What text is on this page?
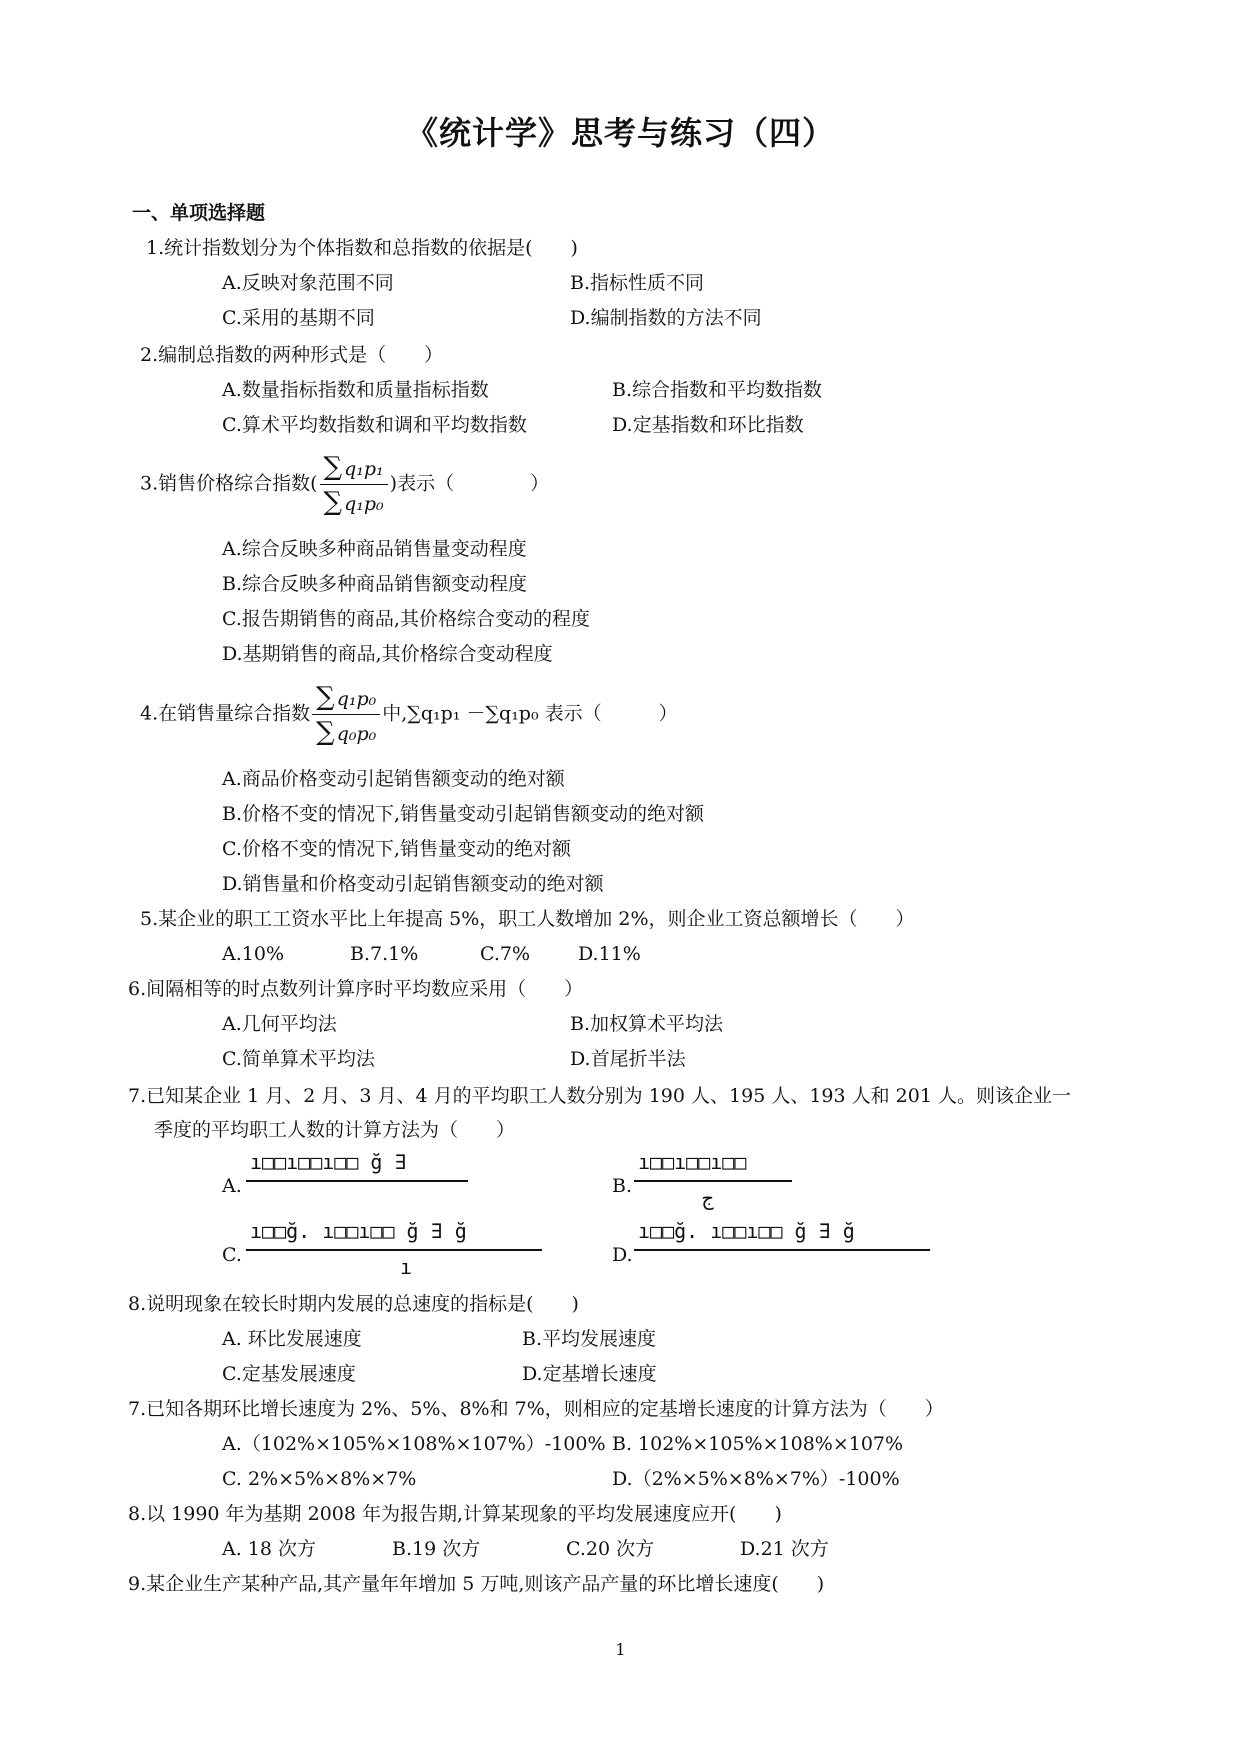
《统计学》思考与练习（四）
一、单项选择题
1.统计指数划分为个体指数和总指数的依据是(　　)
A.反映对象范围不同	B.指标性质不同
C.采用的基期不同	D.编制指数的方法不同
2.编制总指数的两种形式是（　　）
A.数量指标指数和质量指标指数	B.综合指数和平均数指数
C.算术平均数指数和调和平均数指数	D.定基指数和环比指数
3.销售价格综合指数( $\frac{\text{∑ q₁p₁}}{\text{∑ q₁p₀}}$ )表示（　　　　）
A.综合反映多种商品销售量变动程度
B.综合反映多种商品销售额变动程度
C.报告期销售的商品,其价格综合变动的程度
D.基期销售的商品,其价格综合变动程度
4.在销售量综合指数 $\frac{\text{∑ q₁p₀}}{\text{∑ q₀p₀}}$ 中,∑q₁p₁ －∑q₁p₀ 表示（　　　）
A.商品价格变动引起销售额变动的绝对额
B.价格不变的情况下,销售量变动引起销售额变动的绝对额
C.价格不变的情况下,销售量变动的绝对额
D.销售量和价格变动引起销售额变动的绝对额
5.某企业的职工工资水平比上年提高 5%，职工人数增加 2%，则企业工资总额增长（　　）
A.10%	B.7.1%	C.7%	D.11%
6.间隔相等的时点数列计算序时平均数应采用（　　）
A.几何平均法	B.加权算术平均法
C.简单算术平均法	D.首尾折半法
7.已知某企业 1 月、2 月、3 月、4 月的平均职工人数分别为 190 人、195 人、193 人和 201 人。则该企业一
季度的平均职工人数的计算方法为（　　）
A.
ı□□ı□□ı□□ ğ ∃
B.
ı□□ı□□ı□□
ج
C.
ı□□ğ. ı□□ı□□ ğ ∃ ğ
ı	D.
ı□□ğ. ı□□ı□□ ğ ∃ ğ
8.说明现象在较长时期内发展的总速度的指标是(　　)
A. 环比发展速度	B.平均发展速度
C.定基发展速度	D.定基增长速度
7.已知各期环比增长速度为 2%、5%、8%和 7%，则相应的定基增长速度的计算方法为（　　）
A.（102%×105%×108%×107%）-100% B. 102%×105%×108%×107%
C. 2%×5%×8%×7%	D.（2%×5%×8%×7%）-100%
8.以 1990 年为基期 2008 年为报告期,计算某现象的平均发展速度应开(　　)
A. 18 次方	B.19 次方	C.20 次方	D.21 次方
9.某企业生产某种产品,其产量年年增加 5 万吨,则该产品产量的环比增长速度(　　)
1
